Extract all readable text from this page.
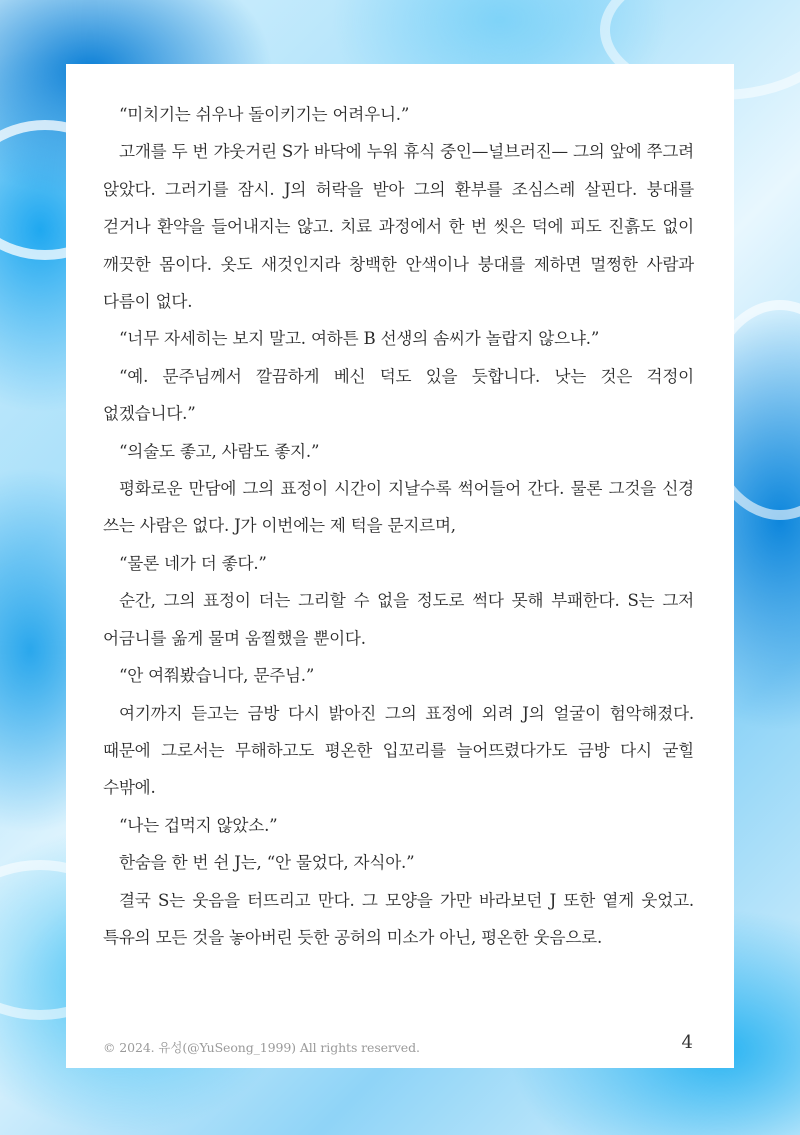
“미치기는 쉬우나 돌이키기는 어려우니.”

고개를 두 번 갸웃거린 S가 바닥에 누워 휴식 중인—널브러진— 그의 앞에 쭈그려 앉았다. 그러기를 잠시. J의 허락을 받아 그의 환부를 조심스레 살핀다. 붕대를 걷거나 환약을 들어내지는 않고. 치료 과정에서 한 번 씻은 덕에 피도 진흙도 없이 깨끗한 몸이다. 옷도 새것인지라 창백한 안색이나 붕대를 제하면 멀쩡한 사람과 다름이 없다.

“너무 자세히는 보지 말고. 여하튼 B 선생의 솜씨가 놀랍지 않으냐.”

“예. 문주님께서 깔끔하게 베신 덕도 있을 듯합니다. 낫는 것은 걱정이 없겠습니다.”

“의술도 좋고, 사람도 좋지.”

평화로운 만담에 그의 표정이 시간이 지날수록 썩어들어 간다. 물론 그것을 신경 쓰는 사람은 없다. J가 이번에는 제 턱을 문지르며,

“물론 네가 더 좋다.”

순간, 그의 표정이 더는 그리할 수 없을 정도로 썩다 못해 부패한다. S는 그저 어금니를 옮게 물며 움찔했을 뿐이다.

“안 여쭤봤습니다, 문주님.”

여기까지 듣고는 금방 다시 밝아진 그의 표정에 외려 J의 얼굴이 험악해졌다. 때문에 그로서는 무해하고도 평온한 입꼬리를 늘어뜨렸다가도 금방 다시 굳힐 수밖에.

“나는 겁먹지 않았소.”

한숨을 한 번 쉰 J는, “안 물었다, 자식아.”

결국 S는 웃음을 터뜨리고 만다. 그 모양을 가만 바라보던 J 또한 옅게 웃었고. 특유의 모든 것을 놓아버린 듯한 공허의 미소가 아닌, 평온한 웃음으로.

© 2024. 유성(@YuSeong_1999) All rights reserved.	4
